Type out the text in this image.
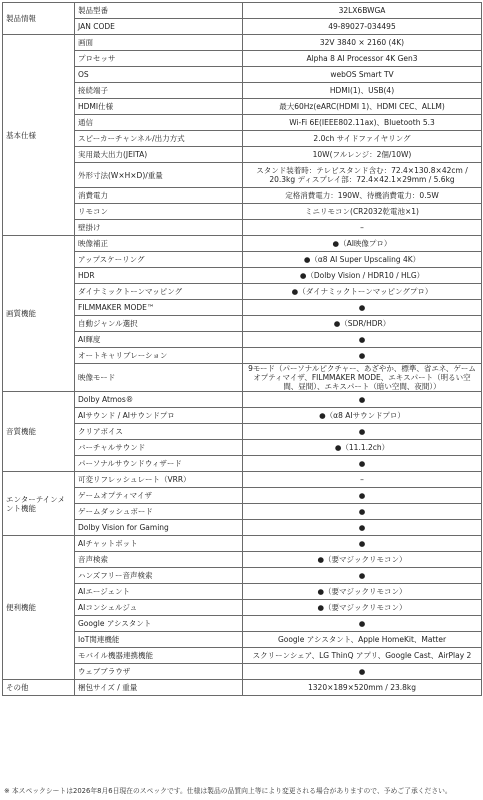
製品情報	製品型番	32LX6BWGA
	JAN CODE	49-89027-034495
基本仕様	画面	32V 3840 × 2160 (4K)
	プロセッサ	Alpha 8 AI Processor 4K Gen3
	OS	webOS Smart TV
	接続端子	HDMI(1)、USB(4)
	HDMI仕様	最大60Hz(eARC(HDMI 1)、HDMI CEC、ALLM)
	通信	Wi-Fi 6E(IEEE802.11ax)、Bluetooth 5.3
	スピーカーチャンネル/出力方式	2.0ch サイドファイヤリング
	実用最大出力(JEITA)	10W(フルレンジ：2個/10W)
	外形寸法(W×H×D)/重量	スタンド装着時：テレビスタンド含む：72.4×130.8×42cm / 20.3kg ディスプレイ部：72.4×42.1×29mm / 5.6kg
	消費電力	定格消費電力：190W、待機消費電力：0.5W
	リモコン	ミニリモコン(CR2032乾電池×1)
	壁掛け	–
画質機能	映像補正	●（AI映像プロ）
	アップスケーリング	●（α8 AI Super Upscaling 4K）
	HDR	●（Dolby Vision / HDR10 / HLG）
	ダイナミックトーンマッピング	●（ダイナミックトーンマッピングプロ）
	FILMMAKER MODE™	●
	自動ジャンル選択	●（SDR/HDR）
	AI輝度	●
	オートキャリブレーション	●
	映像モード	9モード（パーソナルピクチャー、あざやか、標準、省エネ、ゲームオプティマイザ、FILMMAKER MODE、エキスパート（明るい空間、昼間）、エキスパート（暗い空間、夜間））
音質機能	Dolby Atmos®	●
	AIサウンド / AIサウンドプロ	●（α8 AIサウンドプロ）
	クリアボイス	●
	バーチャルサウンド	●（11.1.2ch）
	パーソナルサウンドウィザード	●
エンターテインメント機能	可変リフレッシュレート（VRR）	–
	ゲームオプティマイザ	●
	ゲームダッシュボード	●
	Dolby Vision for Gaming	●
便利機能	AIチャットボット	●
	音声検索	●（要マジックリモコン）
	ハンズフリー音声検索	●
	AIエージェント	●（要マジックリモコン）
	AIコンシェルジュ	●（要マジックリモコン）
	Google アシスタント	●
	IoT関連機能	Google アシスタント、Apple HomeKit、Matter
	モバイル機器連携機能	スクリーンシェア、LG ThinQ アプリ、Google Cast、AirPlay 2
	ウェブブラウザ	●
その他	梱包サイズ / 重量	1320×189×520mm / 23.8kg
※ 本スペックシートは2026年8月6日現在のスペックです。仕様は製品の品質向上等により変更される場合がありますので、予めご了承ください。
